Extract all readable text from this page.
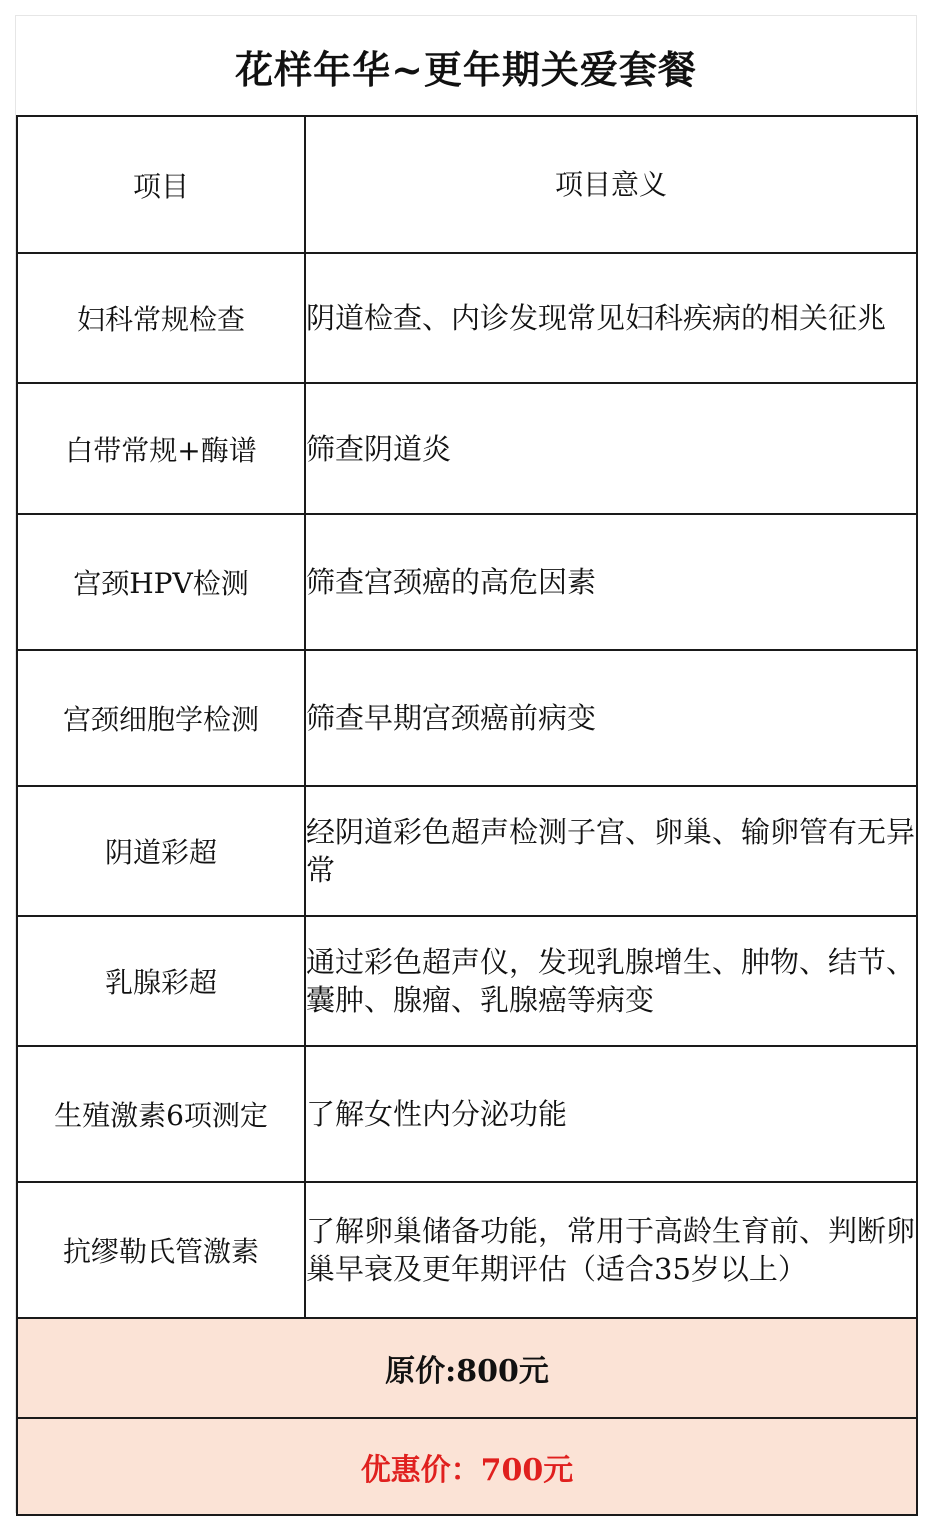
花样年华~更年期关爱套餐
项目	项目意义
妇科常规检查	阴道检查、内诊发现常见妇科疾病的相关征兆
白带常规+酶谱	筛查阴道炎
宫颈HPV检测	筛查宫颈癌的高危因素
宫颈细胞学检测	筛查早期宫颈癌前病变
阴道彩超	经阴道彩色超声检测子宫、卵巢、输卵管有无异常
乳腺彩超	通过彩色超声仪，发现乳腺增生、肿物、结节、囊肿、腺瘤、乳腺癌等病变
生殖激素6项测定	了解女性内分泌功能
抗缪勒氏管激素	了解卵巢储备功能，常用于高龄生育前、判断卵巢早衰及更年期评估（适合35岁以上）
原价:800元	
优惠价：700元	
